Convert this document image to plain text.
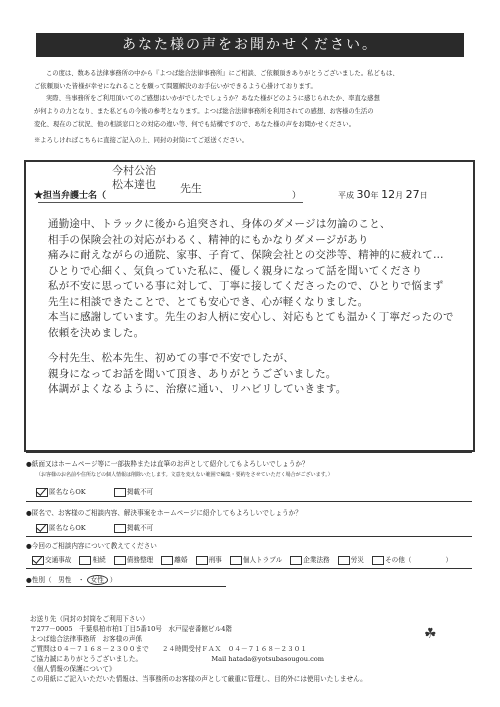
あなた様の声をお聞かせください。

この度は、数ある法律事務所の中から『よつば総合法律事務所』にご相談、ご依頼頂きありがとうございました。私どもは、

ご依頼頂いた皆様が幸せになれることを願って問題解決のお手伝いができるよう心掛けております。

実際、当事務所をご利用頂いてのご感想はいかがでしたでしょうか？あなた様がどのように感じられたか、率直な感想

が何よりの力となり、また私どもの今後の参考となります。よつば総合法律事務所を利用されての感想、お客様の生活の

変化、現在のご状況、他の相談窓口との対応の違い等、何でも結構ですので、あなた様の声をお聞かせください。

※よろしければこちらに直接ご記入の上、同封の封筒にてご返送ください。
★担当弁護士名（
今村公治
松本達也 先生
）	平成 30年 12月 27日
通勤途中、トラックに後から追突され、身体のダメージは勿論のこと、
相手の保険会社の対応がわるく、精神的にもかなりダメージがあり
痛みに耐えながらの通院、家事、子育て、保険会社との交渉等、精神的に疲れて…
ひとりで心細く、気負っていた私に、優しく親身になって話を聞いてくださり
私が不安に思っている事に対して、丁寧に接してくださったので、ひとりで悩まず
先生に相談できたことで、とても安心でき、心が軽くなりました。
本当に感謝しています。先生のお人柄に安心し、対応もとても温かく丁寧だったので
依頼を決めました。
今村先生、松本先生、初めての事で不安でしたが、
親身になってお話を聞いて頂き、ありがとうございました。
体調がよくなるように、治療に通い、リハビリしていきます。
●紙面又はホームページ等に一部抜粋または直筆のお声として紹介してもよろしいでしょうか？
（お客様のお名前や住所などの個人情報は削除いたします。文意を変えない範囲で編集・要約をさせていただく場合がございます。）
匿名ならOK	掲載不可
●匿名で、お客様のご相談内容、解決事案をホームページに紹介してもよろしいでしょうか？
匿名ならOK	掲載不可
●今回のご相談内容について教えてください
交通事故	相続	債務整理	離婚	刑事	個人トラブル	企業法務	労災	その他（	）
●性別（　男性　・ 女性 ）
お送り先（同封の封筒をご利用下さい）
〒277－0005　千葉県柏市柏1丁目5番10号　水戸屋壱番館ビル4階
よつば総合法律事務所　お客様の声係
ご質問は０４－７１６８－２３００まで　　２４時間受付ＦＡＸ　０４－７１６８－２３０１
ご協力誠にありがとうございました。　　　　　　　　　　　Mail hatada@yotsubasougou.com
《個人情報の保護について》
この用紙にご記入いただいた情報は、当事務所のお客様の声として厳重に管理し、目的外には使用いたしません。
☘
